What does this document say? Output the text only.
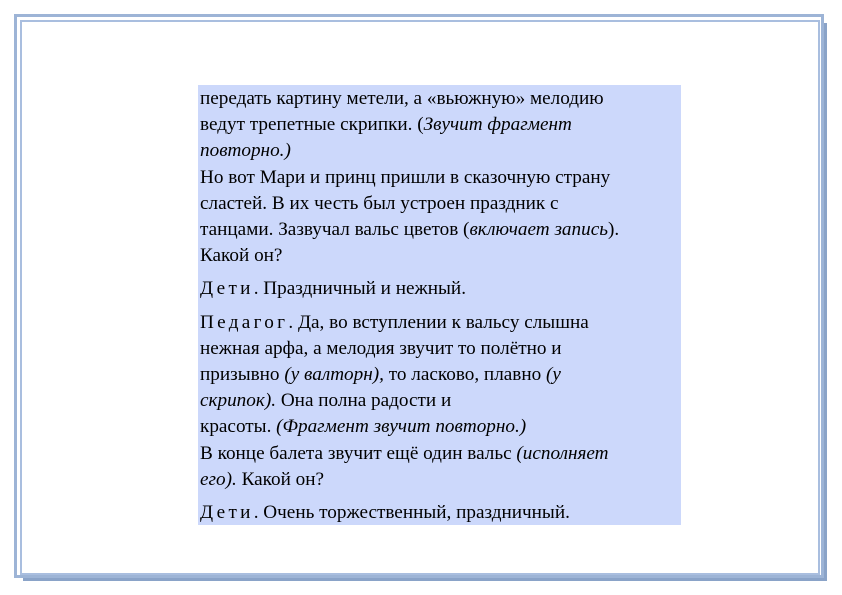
передать картину метели, а «вьюжную» мелодию
ведут трепетные скрипки. (Звучит фрагмент
повторно.)
Но вот Мари и принц пришли в сказочную страну
сластей. В их честь был устроен праздник с
танцами. Зазвучал вальс цветов (включает запись).
Какой он?
Дети. Праздничный и нежный.
Педагог. Да, во вступлении к вальсу слышна
нежная арфа, а мелодия звучит то полётно и
призывно (у валторн), то ласково, плавно (у
скрипок). Она полна радости и
красоты. (Фрагмент звучит повторно.)
В конце балета звучит ещё один вальс (исполняет
его). Какой он?
Дети. Очень торжественный, праздничный.
